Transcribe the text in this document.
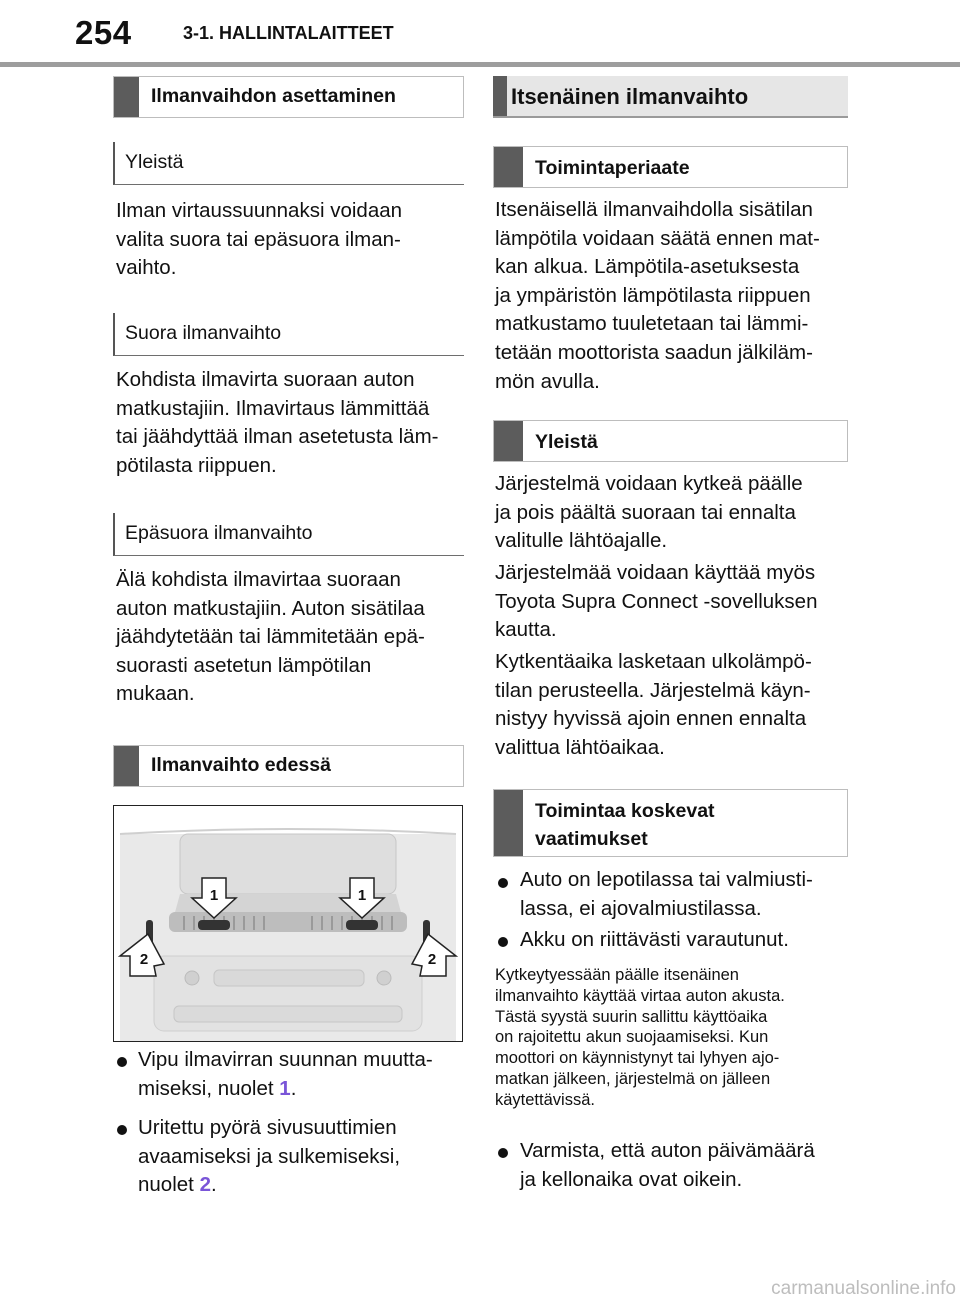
254	3-1. HALLINTALAITTEET
Ilmanvaihdon asettaminen
Yleistä
Ilman virtaussuunnaksi voidaan
valita suora tai epäsuora ilman-
vaihto.
Suora ilmanvaihto
Kohdista ilmavirta suoraan auton
matkustajiin. Ilmavirtaus lämmittää
tai jäähdyttää ilman asetetusta läm-
pötilasta riippuen.
Epäsuora ilmanvaihto
Älä kohdista ilmavirtaa suoraan
auton matkustajiin. Auton sisätilaa
jäähdytetään tai lämmitetään epä-
suorasti asetetun lämpötilan
mukaan.
Ilmanvaihto edessä
1	1
2	2
Vipu ilmavirran suunnan muutta-
miseksi, nuolet 1.
Uritettu pyörä sivusuuttimien
avaamiseksi ja sulkemiseksi,
nuolet 2.
Itsenäinen ilmanvaihto
Toimintaperiaate
Itsenäisellä ilmanvaihdolla sisätilan
lämpötila voidaan säätä ennen mat-
kan alkua. Lämpötila-asetuksesta
ja ympäristön lämpötilasta riippuen
matkustamo tuuletetaan tai lämmi-
tetään moottorista saadun jälkiläm-
mön avulla.
Yleistä
Järjestelmä voidaan kytkeä päälle
ja pois päältä suoraan tai ennalta
valitulle lähtöajalle.
Järjestelmää voidaan käyttää myös
Toyota Supra Connect -sovelluksen
kautta.
Kytkentäaika lasketaan ulkolämpö-
tilan perusteella. Järjestelmä käyn-
nistyy hyvissä ajoin ennen ennalta
valittua lähtöaikaa.
Toimintaa koskevat
vaatimukset
Auto on lepotilassa tai valmiusti-
lassa, ei ajovalmiustilassa.
Akku on riittävästi varautunut.
Kytkeytyessään päälle itsenäinen
ilmanvaihto käyttää virtaa auton akusta.
Tästä syystä suurin sallittu käyttöaika
on rajoitettu akun suojaamiseksi. Kun
moottori on käynnistynyt tai lyhyen ajo-
matkan jälkeen, järjestelmä on jälleen
käytettävissä.
Varmista, että auton päivämäärä
ja kellonaika ovat oikein.
carmanualsonline.info
